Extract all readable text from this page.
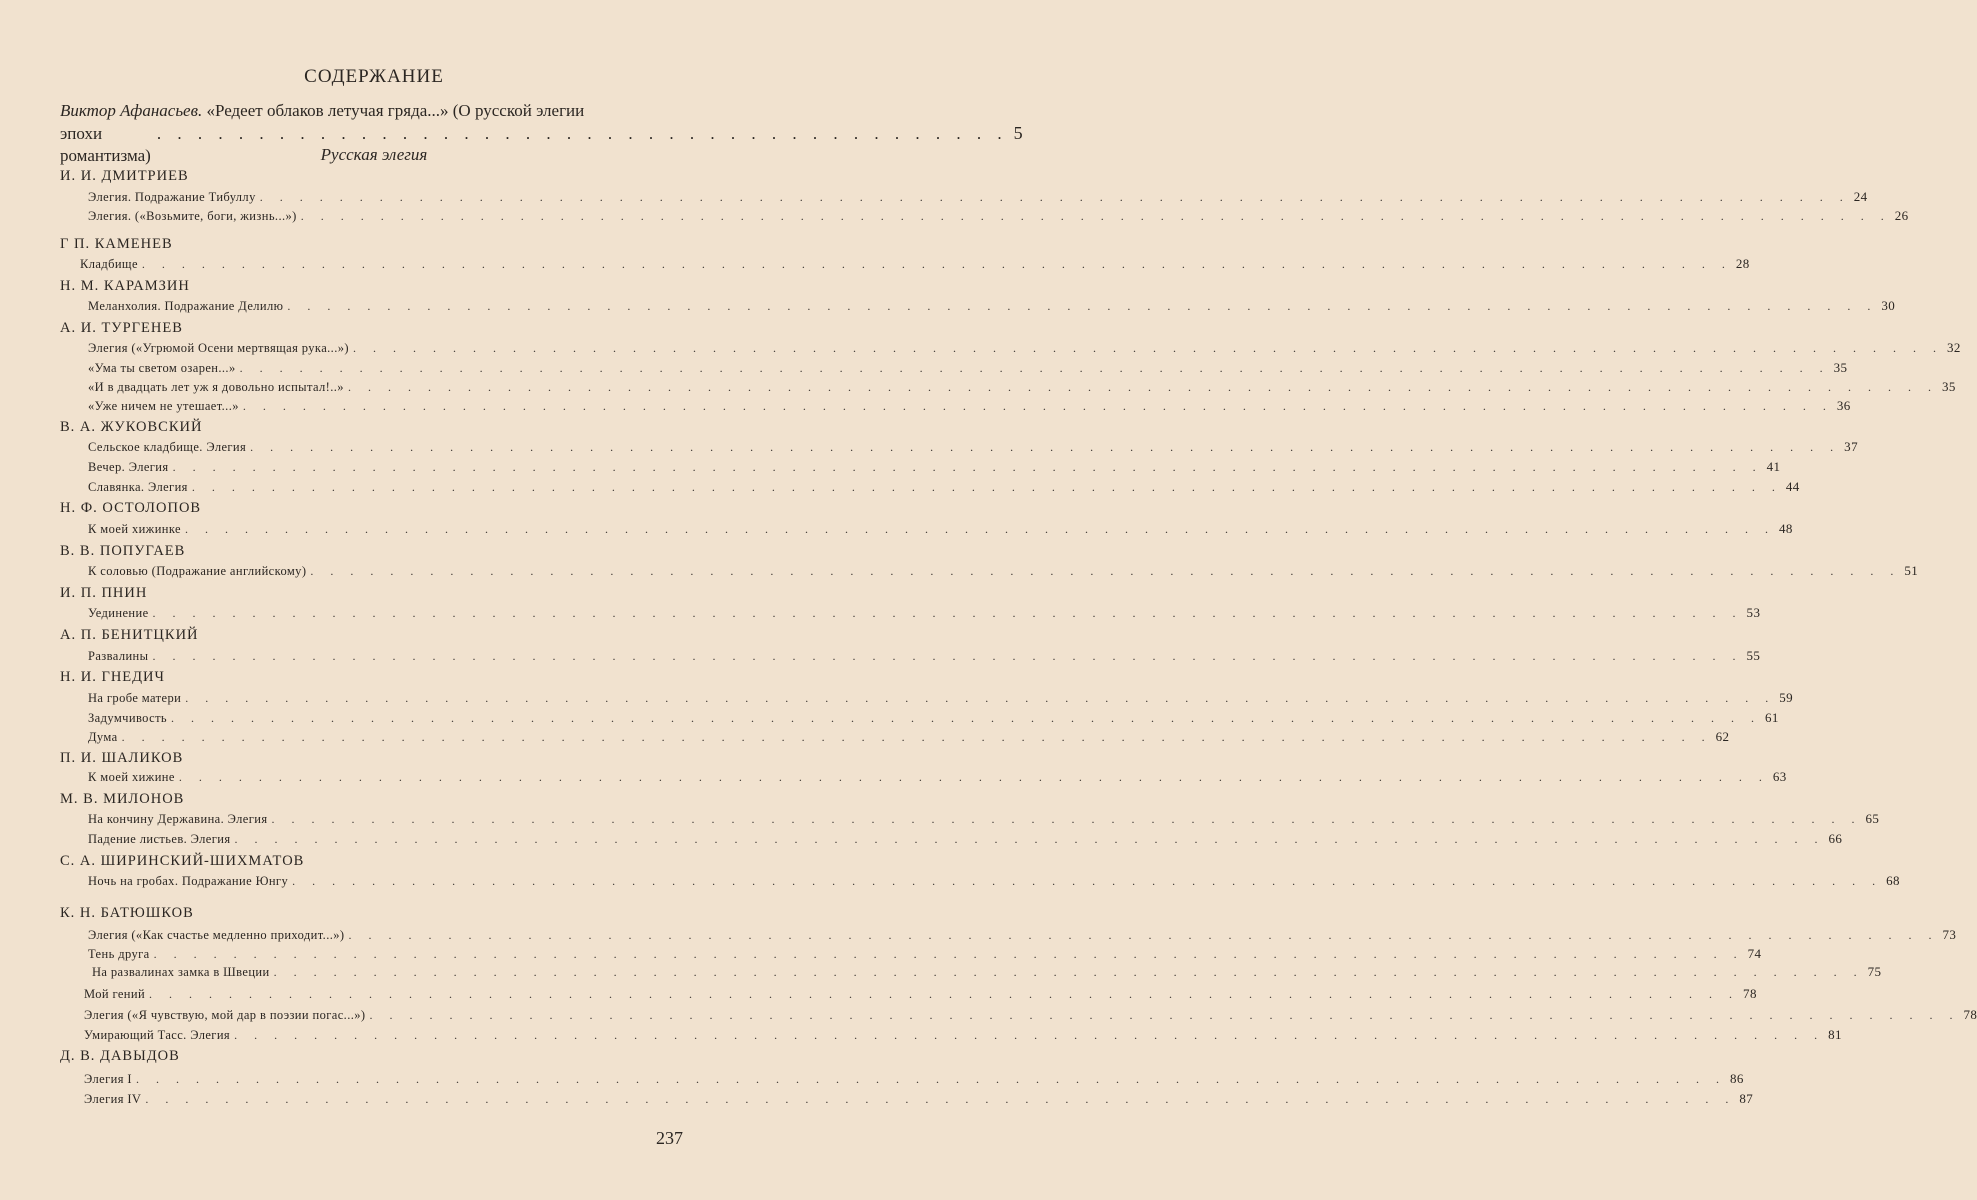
СОДЕРЖАНИЕ
Виктор Афанасьев. «Редеет облаков летучая гряда...» (О русской элегии
эпохи романтизма)
. . . . . . . . . . . . . . . . . . . . . . . . . . . . . . . . . . . . . . . . . . 5
Русская элегия
И. И. ДМИТРИЕВ
Элегия. Подражание Тибуллу . . . . . . . . . . . . . . . . . . . . . . . . . . . . . . . . . . . . . . . . . . . . . . . . . . . . . . . . . . . . . . . . . . . . . . . . . . . . . . . . 24
Элегия. («Возьмите, боги, жизнь...») . . . . . . . . . . . . . . . . . . . . . . . . . . . . . . . . . . . . . . . . . . . . . . . . . . . . . . . . . . . . . . . . . . . . . . . . . . . . . . . . 26
Г П. КАМЕНЕВ
Кладбище . . . . . . . . . . . . . . . . . . . . . . . . . . . . . . . . . . . . . . . . . . . . . . . . . . . . . . . . . . . . . . . . . . . . . . . . . . . . . . . . 28
Н. М. КАРАМЗИН
Меланхолия. Подражание Делилю . . . . . . . . . . . . . . . . . . . . . . . . . . . . . . . . . . . . . . . . . . . . . . . . . . . . . . . . . . . . . . . . . . . . . . . . . . . . . . . . 30
А. И. ТУРГЕНЕВ
Элегия («Угрюмой Осени мертвящая рука...») . . . . . . . . . . . . . . . . . . . . . . . . . . . . . . . . . . . . . . . . . . . . . . . . . . . . . . . . . . . . . . . . . . . . . . . . . . . . . . . . 32
«Ума ты светом озарен...» . . . . . . . . . . . . . . . . . . . . . . . . . . . . . . . . . . . . . . . . . . . . . . . . . . . . . . . . . . . . . . . . . . . . . . . . . . . . . . . . 35
«И в двадцать лет уж я довольно испытал!..» . . . . . . . . . . . . . . . . . . . . . . . . . . . . . . . . . . . . . . . . . . . . . . . . . . . . . . . . . . . . . . . . . . . . . . . . . . . . . . . . 35
«Уже ничем не утешает...» . . . . . . . . . . . . . . . . . . . . . . . . . . . . . . . . . . . . . . . . . . . . . . . . . . . . . . . . . . . . . . . . . . . . . . . . . . . . . . . . 36
В. А. ЖУКОВСКИЙ
Сельское кладбище. Элегия . . . . . . . . . . . . . . . . . . . . . . . . . . . . . . . . . . . . . . . . . . . . . . . . . . . . . . . . . . . . . . . . . . . . . . . . . . . . . . . . 37
Вечер. Элегия . . . . . . . . . . . . . . . . . . . . . . . . . . . . . . . . . . . . . . . . . . . . . . . . . . . . . . . . . . . . . . . . . . . . . . . . . . . . . . . . 41
Славянка. Элегия . . . . . . . . . . . . . . . . . . . . . . . . . . . . . . . . . . . . . . . . . . . . . . . . . . . . . . . . . . . . . . . . . . . . . . . . . . . . . . . . 44
Н. Ф. ОСТОЛОПОВ
К моей хижинке . . . . . . . . . . . . . . . . . . . . . . . . . . . . . . . . . . . . . . . . . . . . . . . . . . . . . . . . . . . . . . . . . . . . . . . . . . . . . . . . 48
В. В. ПОПУГАЕВ
К соловью (Подражание английскому) . . . . . . . . . . . . . . . . . . . . . . . . . . . . . . . . . . . . . . . . . . . . . . . . . . . . . . . . . . . . . . . . . . . . . . . . . . . . . . . . 51
И. П. ПНИН
Уединение . . . . . . . . . . . . . . . . . . . . . . . . . . . . . . . . . . . . . . . . . . . . . . . . . . . . . . . . . . . . . . . . . . . . . . . . . . . . . . . . 53
А. П. БЕНИТЦКИЙ
Развалины . . . . . . . . . . . . . . . . . . . . . . . . . . . . . . . . . . . . . . . . . . . . . . . . . . . . . . . . . . . . . . . . . . . . . . . . . . . . . . . . 55
Н. И. ГНЕДИЧ
На гробе матери . . . . . . . . . . . . . . . . . . . . . . . . . . . . . . . . . . . . . . . . . . . . . . . . . . . . . . . . . . . . . . . . . . . . . . . . . . . . . . . . 59
Задумчивость . . . . . . . . . . . . . . . . . . . . . . . . . . . . . . . . . . . . . . . . . . . . . . . . . . . . . . . . . . . . . . . . . . . . . . . . . . . . . . . . 61
Дума . . . . . . . . . . . . . . . . . . . . . . . . . . . . . . . . . . . . . . . . . . . . . . . . . . . . . . . . . . . . . . . . . . . . . . . . . . . . . . . . 62
П. И. ШАЛИКОВ
К моей хижине . . . . . . . . . . . . . . . . . . . . . . . . . . . . . . . . . . . . . . . . . . . . . . . . . . . . . . . . . . . . . . . . . . . . . . . . . . . . . . . . 63
М. В. МИЛОНОВ
На кончину Державина. Элегия . . . . . . . . . . . . . . . . . . . . . . . . . . . . . . . . . . . . . . . . . . . . . . . . . . . . . . . . . . . . . . . . . . . . . . . . . . . . . . . . 65
Падение листьев. Элегия . . . . . . . . . . . . . . . . . . . . . . . . . . . . . . . . . . . . . . . . . . . . . . . . . . . . . . . . . . . . . . . . . . . . . . . . . . . . . . . . 66
С. А. ШИРИНСКИЙ-ШИХМАТОВ
Ночь на гробах. Подражание Юнгу . . . . . . . . . . . . . . . . . . . . . . . . . . . . . . . . . . . . . . . . . . . . . . . . . . . . . . . . . . . . . . . . . . . . . . . . . . . . . . . . 68
К. Н. БАТЮШКОВ
Элегия («Как счастье медленно приходит...») . . . . . . . . . . . . . . . . . . . . . . . . . . . . . . . . . . . . . . . . . . . . . . . . . . . . . . . . . . . . . . . . . . . . . . . . . . . . . . . . 73
Тень друга . . . . . . . . . . . . . . . . . . . . . . . . . . . . . . . . . . . . . . . . . . . . . . . . . . . . . . . . . . . . . . . . . . . . . . . . . . . . . . . . 74
На развалинах замка в Швеции . . . . . . . . . . . . . . . . . . . . . . . . . . . . . . . . . . . . . . . . . . . . . . . . . . . . . . . . . . . . . . . . . . . . . . . . . . . . . . . . 75
Мой гений . . . . . . . . . . . . . . . . . . . . . . . . . . . . . . . . . . . . . . . . . . . . . . . . . . . . . . . . . . . . . . . . . . . . . . . . . . . . . . . . 78
Элегия («Я чувствую, мой дар в поэзии погас...») . . . . . . . . . . . . . . . . . . . . . . . . . . . . . . . . . . . . . . . . . . . . . . . . . . . . . . . . . . . . . . . . . . . . . . . . . . . . . . . . 78
Умирающий Тасс. Элегия . . . . . . . . . . . . . . . . . . . . . . . . . . . . . . . . . . . . . . . . . . . . . . . . . . . . . . . . . . . . . . . . . . . . . . . . . . . . . . . . 81
Д. В. ДАВЫДОВ
Элегия I . . . . . . . . . . . . . . . . . . . . . . . . . . . . . . . . . . . . . . . . . . . . . . . . . . . . . . . . . . . . . . . . . . . . . . . . . . . . . . . . 86
Элегия IV . . . . . . . . . . . . . . . . . . . . . . . . . . . . . . . . . . . . . . . . . . . . . . . . . . . . . . . . . . . . . . . . . . . . . . . . . . . . . . . . 87
237
